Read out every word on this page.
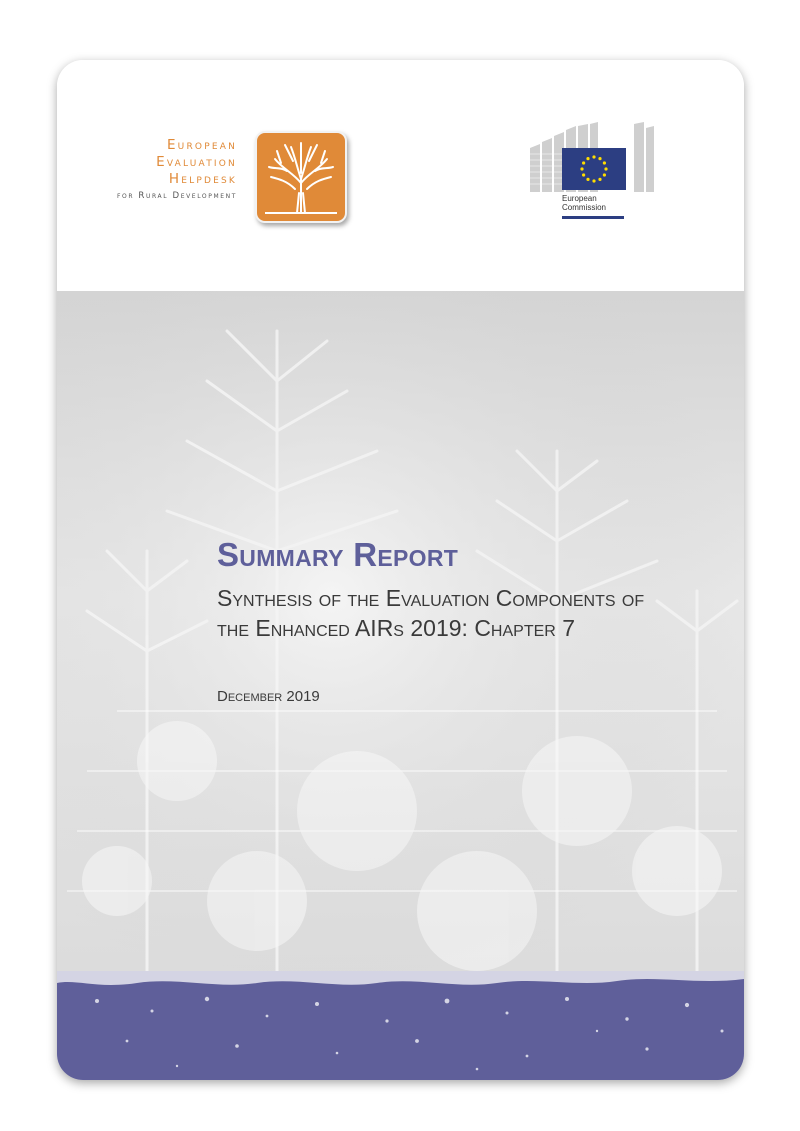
European
Evaluation
Helpdesk
for Rural Development	European
Commission
Summary Report

Synthesis of the Evaluation Components of the Enhanced AIRs 2019: Chapter 7

December 2019
